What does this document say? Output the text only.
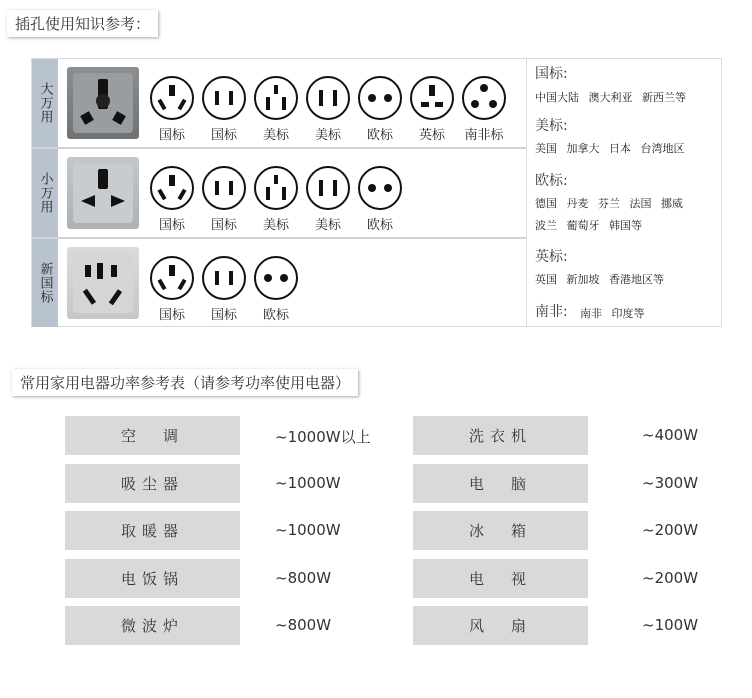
插孔使用知识参考：
大万用
国标	国标	美标	美标	欧标	英标	南非标
小万用
国标	国标	美标	美标	欧标
新国标
国标	国标	欧标
国标:
中国大陆 澳大利亚 新西兰等
美标:
美国 加拿大 日本 台湾地区
欧标:
德国 丹麦 芬兰 法国 挪威
波兰 葡萄牙 韩国等
英标:
英国 新加坡 香港地区等
南非: 南非 印度等
常用家用电器功率参考表（请参考功率使用电器）
空　调	~1000W以上	洗衣机	~400W
吸尘器	~1000W	电　脑	~300W
取暖器	~1000W	冰　箱	~200W
电饭锅	~800W	电　视	~200W
微波炉	~800W	风　扇	~100W
